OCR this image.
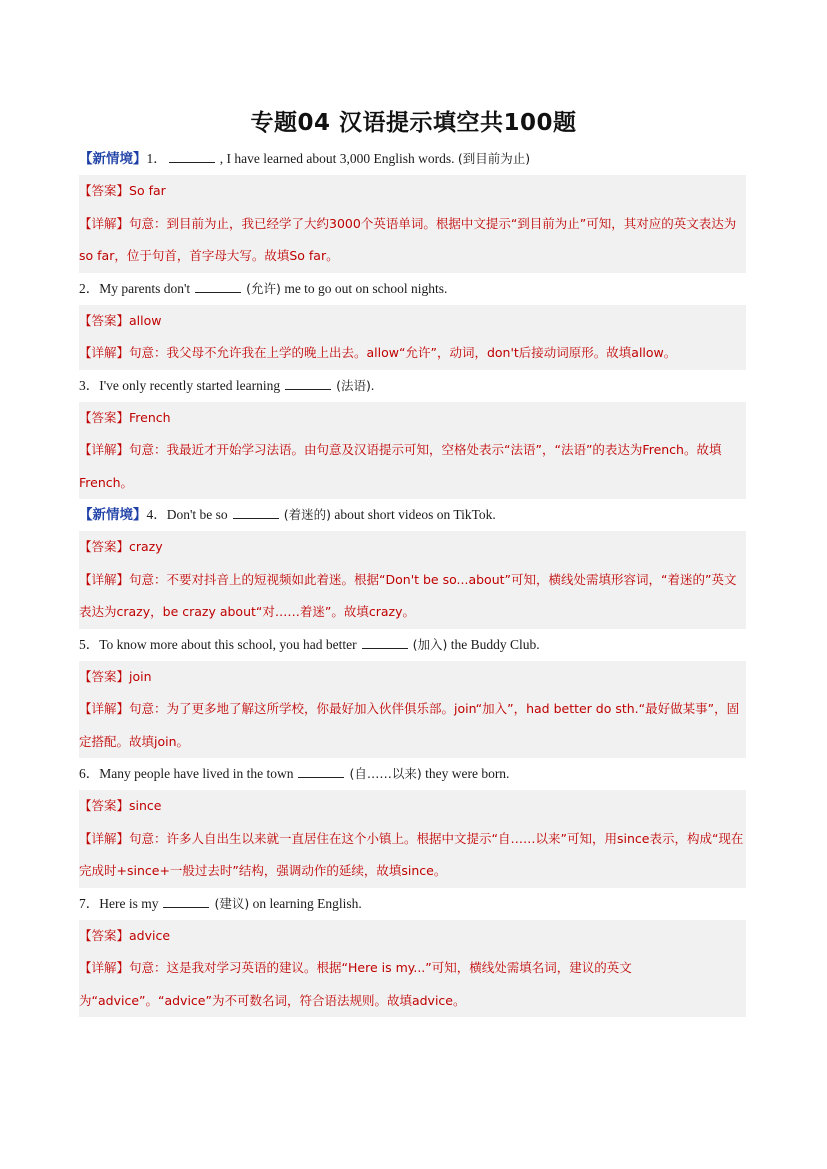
专题04 汉语提示填空共100题
【新情境】1．	, I have learned about 3,000 English words. (到目前为止)
【答案】So far
【详解】句意：到目前为止，我已经学了大约3000个英语单词。根据中文提示“到目前为止”可知，其对应的英文表达为so far，位于句首，首字母大写。故填So far。
2．My parents don't	(允许) me to go out on school nights.
【答案】allow
【详解】句意：我父母不允许我在上学的晚上出去。allow“允许”，动词，don't后接动词原形。故填allow。
3．I've only recently started learning	(法语).
【答案】French
【详解】句意：我最近才开始学习法语。由句意及汉语提示可知，空格处表示“法语”，“法语”的表达为French。故填French。
【新情境】4．Don't be so	(着迷的) about short videos on TikTok.
【答案】crazy
【详解】句意：不要对抖音上的短视频如此着迷。根据“Don't be so...about”可知，横线处需填形容词，“着迷的”英文表达为crazy，be crazy about“对……着迷”。故填crazy。
5．To know more about this school, you had better	(加入) the Buddy Club.
【答案】join
【详解】句意：为了更多地了解这所学校，你最好加入伙伴俱乐部。join“加入”，had better do sth.“最好做某事”，固定搭配。故填join。
6．Many people have lived in the town	(自……以来) they were born.
【答案】since
【详解】句意：许多人自出生以来就一直居住在这个小镇上。根据中文提示“自……以来”可知，用since表示，构成“现在完成时+since+一般过去时”结构，强调动作的延续，故填since。
7．Here is my	(建议) on learning English.
【答案】advice
【详解】句意：这是我对学习英语的建议。根据“Here is my...”可知，横线处需填名词，建议的英文为“advice”。“advice”为不可数名词，符合语法规则。故填advice。
